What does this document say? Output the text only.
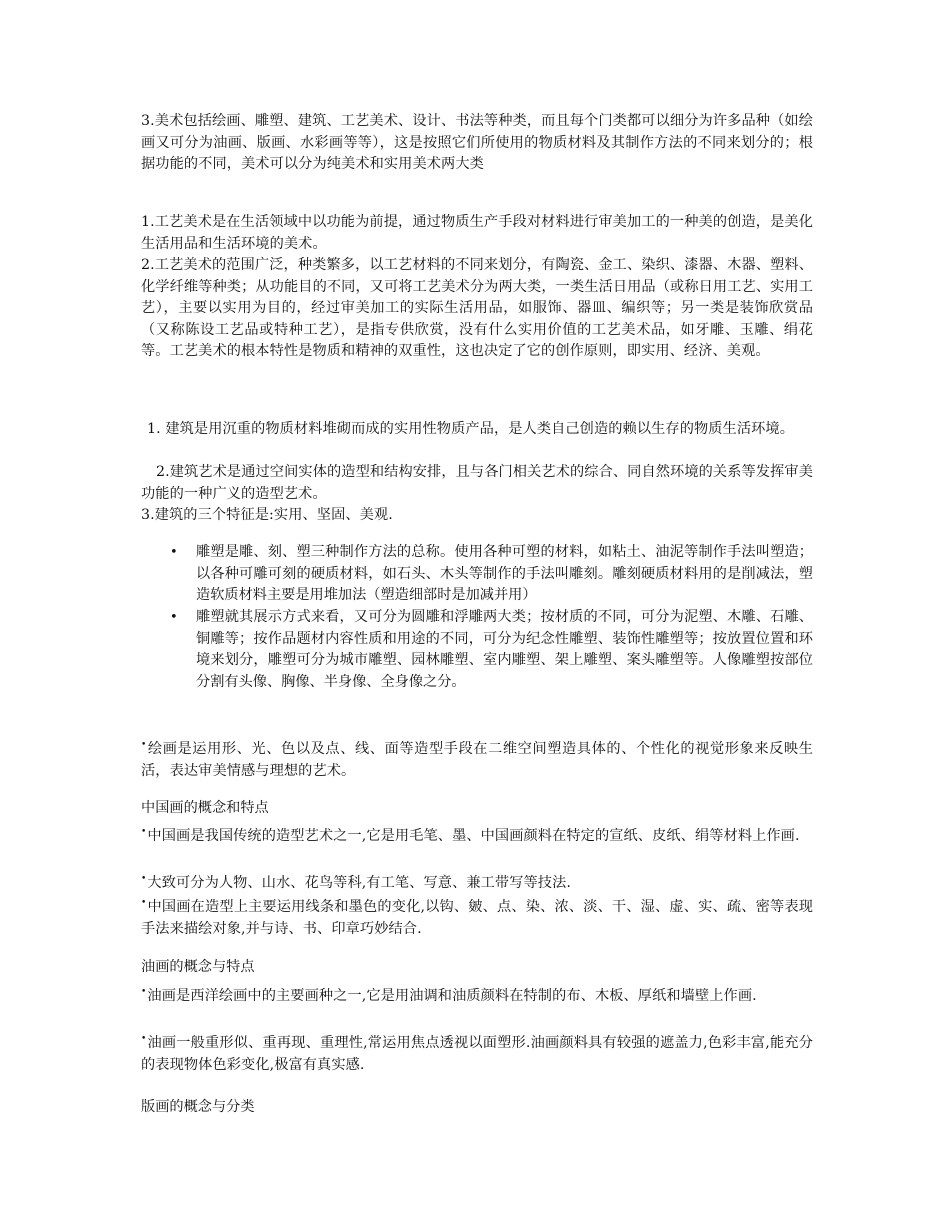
3.美术包括绘画、雕塑、建筑、工艺美术、设计、书法等种类，而且每个门类都可以细分为许多品种（如绘画又可分为油画、版画、水彩画等等），这是按照它们所使用的物质材料及其制作方法的不同来划分的；根据功能的不同，美术可以分为纯美术和实用美术两大类
1.工艺美术是在生活领域中以功能为前提，通过物质生产手段对材料进行审美加工的一种美的创造，是美化生活用品和生活环境的美术。
2.工艺美术的范围广泛，种类繁多，以工艺材料的不同来划分，有陶瓷、金工、染织、漆器、木器、塑料、化学纤维等种类；从功能目的不同，又可将工艺美术分为两大类，一类生活日用品（或称日用工艺、实用工艺），主要以实用为目的，经过审美加工的实际生活用品，如服饰、器皿、编织等；另一类是装饰欣赏品（又称陈设工艺品或特种工艺），是指专供欣赏，没有什么实用价值的工艺美术品，如牙雕、玉雕、绢花等。工艺美术的根本特性是物质和精神的双重性，这也决定了它的创作原则，即实用、经济、美观。
1. 建筑是用沉重的物质材料堆砌而成的实用性物质产品，是人类自己创造的赖以生存的物质生活环境。
2.建筑艺术是通过空间实体的造型和结构安排，且与各门相关艺术的综合、同自然环境的关系等发挥审美功能的一种广义的造型艺术。
3.建筑的三个特征是:实用、坚固、美观.
• 雕塑是雕、刻、塑三种制作方法的总称。使用各种可塑的材料，如粘土、油泥等制作手法叫塑造；以各种可雕可刻的硬质材料，如石头、木头等制作的手法叫雕刻。雕刻硬质材料用的是削减法，塑造软质材料主要是用堆加法（塑造细部时是加减并用）
• 雕塑就其展示方式来看，又可分为圆雕和浮雕两大类；按材质的不同，可分为泥塑、木雕、石雕、铜雕等；按作品题材内容性质和用途的不同，可分为纪念性雕塑、装饰性雕塑等；按放置位置和环境来划分，雕塑可分为城市雕塑、园林雕塑、室内雕塑、架上雕塑、案头雕塑等。人像雕塑按部位分割有头像、胸像、半身像、全身像之分。
•绘画是运用形、光、色以及点、线、面等造型手段在二维空间塑造具体的、个性化的视觉形象来反映生活，表达审美情感与理想的艺术。
中国画的概念和特点
•中国画是我国传统的造型艺术之一,它是用毛笔、墨、中国画颜料在特定的宣纸、皮纸、绢等材料上作画.
•大致可分为人物、山水、花鸟等科,有工笔、写意、兼工带写等技法.
•中国画在造型上主要运用线条和墨色的变化,以钩、皴、点、染、浓、淡、干、湿、虚、实、疏、密等表现手法来描绘对象,并与诗、书、印章巧妙结合.
油画的概念与特点
•油画是西洋绘画中的主要画种之一,它是用油调和油质颜料在特制的布、木板、厚纸和墙壁上作画.
•油画一般重形似、重再现、重理性,常运用焦点透视以面塑形.油画颜料具有较强的遮盖力,色彩丰富,能充分的表现物体色彩变化,极富有真实感.
版画的概念与分类
